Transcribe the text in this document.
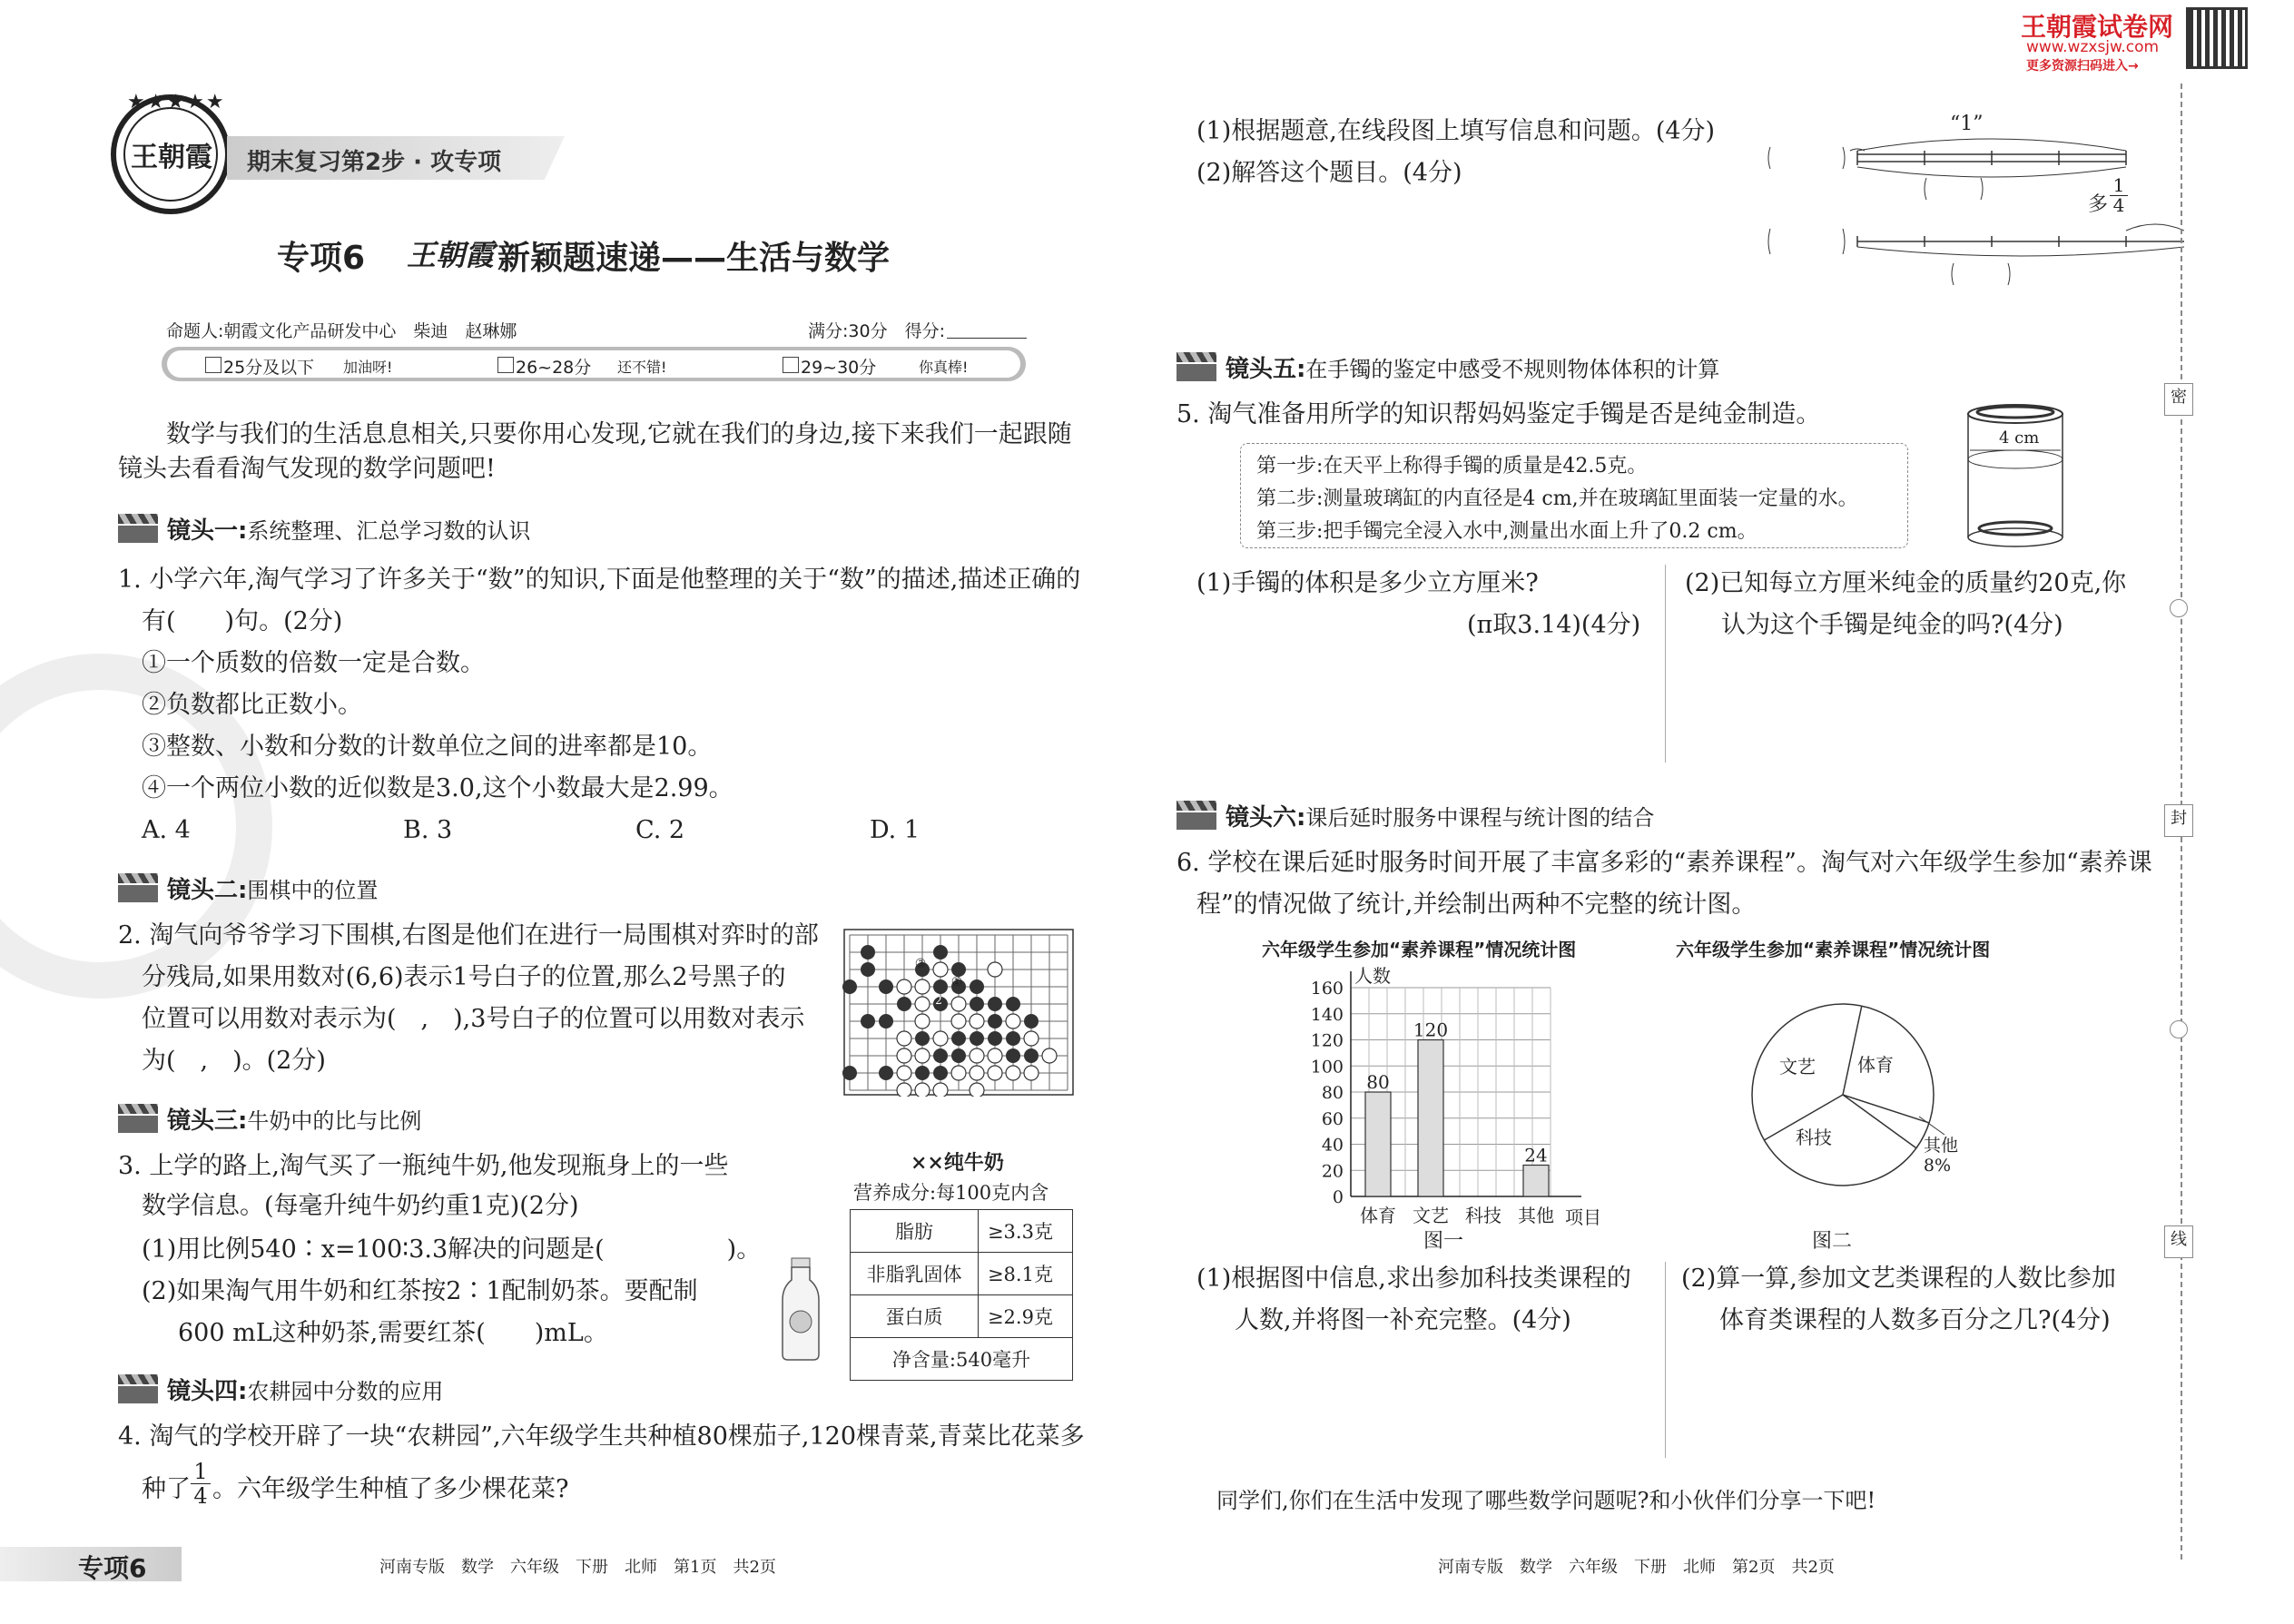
王朝霞试卷网
www.wzxsjw.com
更多资源扫码进入→
王朝霞
★★★★★
期末复习第2步 · 攻专项
专项6 王朝霞 新颖题速递——生活与数学
命题人:朝霞文化产品研发中心　柴迪　赵琳娜	满分:30分　得分:
25分及以下 加油呀!	26~28分 还不错!	29~30分	你真棒!
数学与我们的生活息息相关,只要你用心发现,它就在我们的身边,接下来我们一起跟随
镜头去看看淘气发现的数学问题吧!
镜头一: 系统整理、汇总学习数的认识
1. 小学六年,淘气学习了许多关于“数”的知识,下面是他整理的关于“数”的描述,描述正确的
有(　　)句。(2分)
①一个质数的倍数一定是合数。
②负数都比正数小。
③整数、小数和分数的计数单位之间的进率都是10。
④一个两位小数的近似数是3.0,这个小数最大是2.99。
A. 4	B. 3	C. 2	D. 1
镜头二: 围棋中的位置
2. 淘气向爷爷学习下围棋,右图是他们在进行一局围棋对弈时的部
分残局,如果用数对(6,6)表示1号白子的位置,那么2号黑子的
位置可以用数对表示为(　,　),3号白子的位置可以用数对表示
为(　,　)。(2分)
①
2
③
镜头三: 牛奶中的比与比例
3. 上学的路上,淘气买了一瓶纯牛奶,他发现瓶身上的一些
数学信息。(每毫升纯牛奶约重1克)(2分)
(1)用比例540∶x=100∶3.3解决的问题是(　　　　　)。
(2)如果淘气用牛奶和红茶按2∶1配制奶茶。要配制
600 mL这种奶茶,需要红茶(　　)mL。
××纯牛奶
营养成分:每100克内含
脂肪	≥3.3克
非脂乳固体	≥8.1克
蛋白质	≥2.9克
净含量:540毫升	
镜头四: 农耕园中分数的应用
4. 淘气的学校开辟了一块“农耕园”,六年级学生共种植80棵茄子,120棵青菜,青菜比花菜多
种了
1
4 。六年级学生种植了多少棵花菜?
专项6	河南专版　数学　六年级　下册　北师　第1页　共2页
(1)根据题意,在线段图上填写信息和问题。(4分)
(2)解答这个题目。(4分)
“1”
多
1
4
镜头五: 在手镯的鉴定中感受不规则物体体积的计算
5. 淘气准备用所学的知识帮妈妈鉴定手镯是否是纯金制造。
第一步:在天平上称得手镯的质量是42.5克。
第二步:测量玻璃缸的内直径是4 cm,并在玻璃缸里面装一定量的水。
第三步:把手镯完全浸入水中,测量出水面上升了0.2 cm。
4 cm
(1)手镯的体积是多少立方厘米?
(π取3.14)(4分)
(2)已知每立方厘米纯金的质量约20克,你
认为这个手镯是纯金的吗?(4分)
镜头六: 课后延时服务中课程与统计图的结合
6. 学校在课后延时服务时间开展了丰富多彩的“素养课程”。淘气对六年级学生参加“素养课
程”的情况做了统计,并绘制出两种不完整的统计图。
六年级学生参加“素养课程”情况统计图	六年级学生参加“素养课程”情况统计图
0
20
40
60
80
100
120
140
160
人数
项目
80
体育
120
文艺 科技
24
其他
图一
文艺 体育
科技	其他
8%
图二
(1)根据图中信息,求出参加科技类课程的
人数,并将图一补充完整。(4分)
(2)算一算,参加文艺类课程的人数比参加
体育类课程的人数多百分之几?(4分)
同学们,你们在生活中发现了哪些数学问题呢?和小伙伴们分享一下吧!
河南专版　数学　六年级　下册　北师　第2页　共2页
密
封
线
